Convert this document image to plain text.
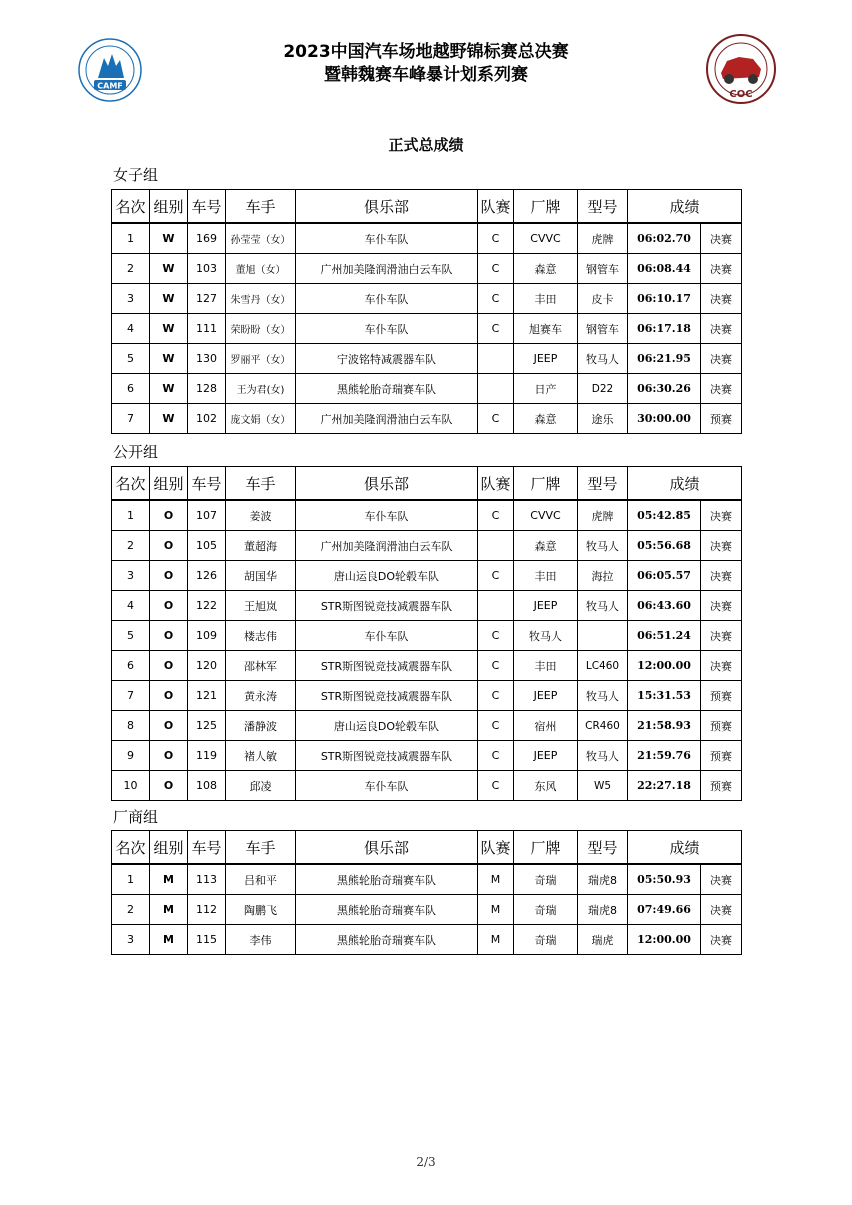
CAMF
2023中国汽车场地越野锦标赛总决赛
暨韩魏赛车峰暴计划系列赛
COC
正式总成绩
女子组
名次	组别	车号	车手	俱乐部	队赛	厂牌	型号	成绩	
1	W	169	孙莹莹（女）	车仆车队	C	CVVC	虎牌	06:02.70	决赛
2	W	103	董旭（女）	广州加美隆润滑油白云车队	C	森意	钢管车	06:08.44	决赛
3	W	127	朱雪丹（女）	车仆车队	C	丰田	皮卡	06:10.17	决赛
4	W	111	荣盼盼（女）	车仆车队	C	旭赛车	钢管车	06:17.18	决赛
5	W	130	罗丽平（女）	宁波铭特减震器车队		JEEP	牧马人	06:21.95	决赛
6	W	128	王为君(女)	黑熊轮胎奇瑞赛车队		日产	D22	06:30.26	决赛
7	W	102	庞文娟（女）	广州加美隆润滑油白云车队	C	森意	途乐	30:00.00	预赛
公开组
名次	组别	车号	车手	俱乐部	队赛	厂牌	型号	成绩	
1	O	107	姜波	车仆车队	C	CVVC	虎牌	05:42.85	决赛
2	O	105	董超海	广州加美隆润滑油白云车队		森意	牧马人	05:56.68	决赛
3	O	126	胡国华	唐山运良DO轮毂车队	C	丰田	海拉	06:05.57	决赛
4	O	122	王旭岚	STR斯图锐竞技减震器车队		JEEP	牧马人	06:43.60	决赛
5	O	109	楼志伟	车仆车队	C	牧马人		06:51.24	决赛
6	O	120	邵林军	STR斯图锐竞技减震器车队	C	丰田	LC460	12:00.00	决赛
7	O	121	黄永涛	STR斯图锐竞技减震器车队	C	JEEP	牧马人	15:31.53	预赛
8	O	125	潘静波	唐山运良DO轮毂车队	C	宿州	CR460	21:58.93	预赛
9	O	119	褚人敏	STR斯图锐竞技减震器车队	C	JEEP	牧马人	21:59.76	预赛
10	O	108	邱凌	车仆车队	C	东风	W5	22:27.18	预赛
厂商组
名次	组别	车号	车手	俱乐部	队赛	厂牌	型号	成绩	
1	M	113	吕和平	黑熊轮胎奇瑞赛车队	M	奇瑞	瑞虎8	05:50.93	决赛
2	M	112	陶鹏飞	黑熊轮胎奇瑞赛车队	M	奇瑞	瑞虎8	07:49.66	决赛
3	M	115	李伟	黑熊轮胎奇瑞赛车队	M	奇瑞	瑞虎	12:00.00	决赛
2/3
